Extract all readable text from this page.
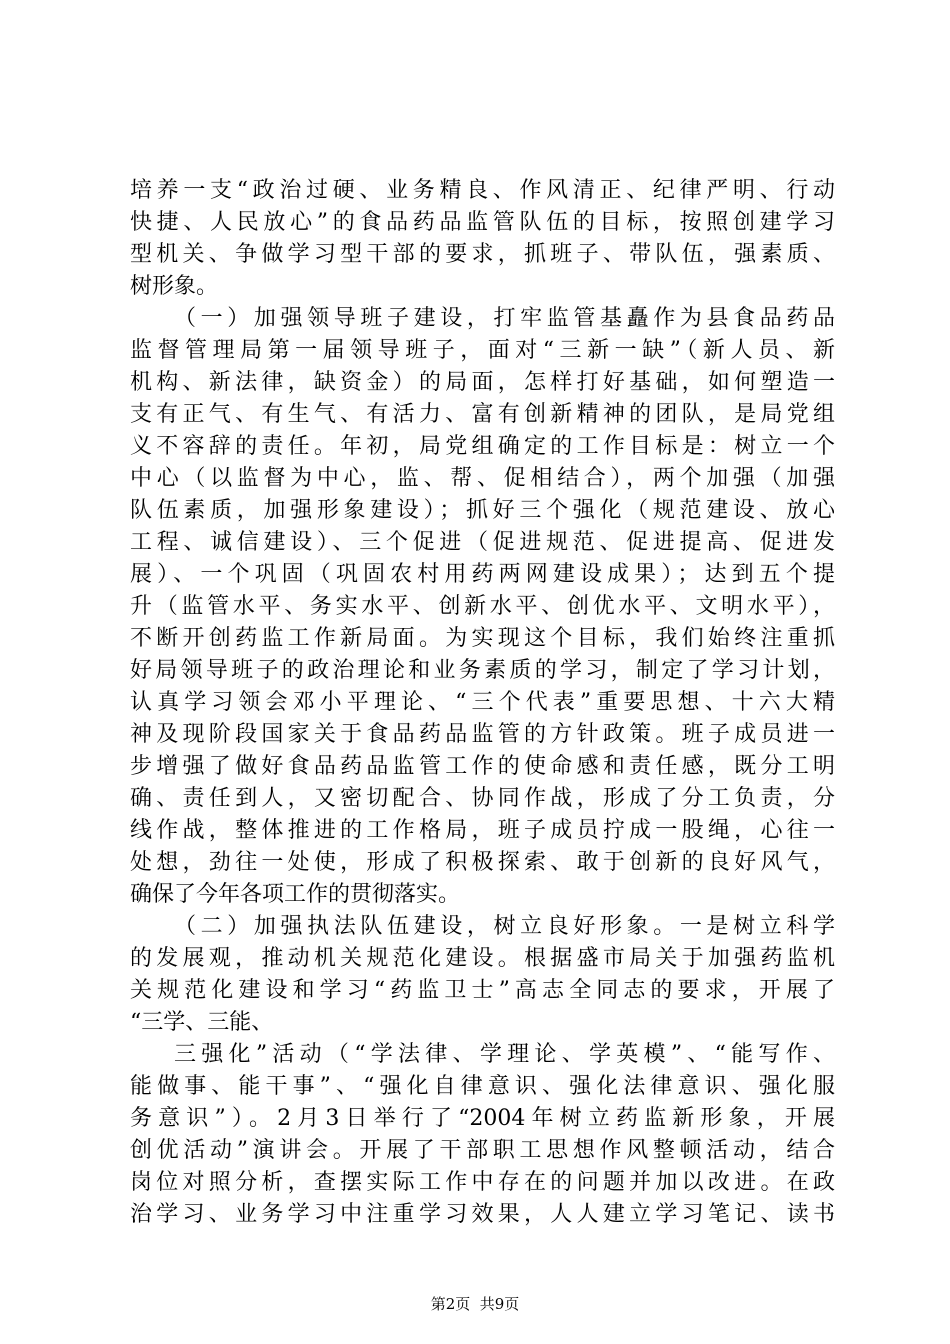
培养一支“政治过硬、业务精良、作风清正、纪律严明、行动
快捷、人民放心”的食品药品监管队伍的目标，按照创建学习
型机关、争做学习型干部的要求，抓班子、带队伍，强素质、
树形象。
（一）加强领导班子建设，打牢监管基矗作为县食品药品
监督管理局第一届领导班子，面对“三新一缺”（新人员、新
机构、新法律，缺资金）的局面，怎样打好基础，如何塑造一
支有正气、有生气、有活力、富有创新精神的团队，是局党组
义不容辞的责任。年初，局党组确定的工作目标是：树立一个
中心（以监督为中心，监、帮、促相结合），两个加强（加强
队伍素质，加强形象建设）；抓好三个强化（规范建设、放心
工程、诚信建设）、三个促进（促进规范、促进提高、促进发
展）、一个巩固（巩固农村用药两网建设成果）；达到五个提
升（监管水平、务实水平、创新水平、创优水平、文明水平），
不断开创药监工作新局面。为实现这个目标，我们始终注重抓
好局领导班子的政治理论和业务素质的学习，制定了学习计划，
认真学习领会邓小平理论、“三个代表”重要思想、十六大精
神及现阶段国家关于食品药品监管的方针政策。班子成员进一
步增强了做好食品药品监管工作的使命感和责任感，既分工明
确、责任到人，又密切配合、协同作战，形成了分工负责，分
线作战，整体推进的工作格局，班子成员拧成一股绳，心往一
处想，劲往一处使，形成了积极探索、敢于创新的良好风气，
确保了今年各项工作的贯彻落实。
（二）加强执法队伍建设，树立良好形象。一是树立科学
的发展观，推动机关规范化建设。根据盛市局关于加强药监机
关规范化建设和学习“药监卫士”高志全同志的要求，开展了
“三学、三能、
三强化”活动（“学法律、学理论、学英模”、“能写作、
能做事、能干事”、“强化自律意识、强化法律意识、强化服
务意识”）。2月3日举行了“2004年树立药监新形象，开展
创优活动”演讲会。开展了干部职工思想作风整顿活动，结合
岗位对照分析，查摆实际工作中存在的问题并加以改进。在政
治学习、业务学习中注重学习效果，人人建立学习笔记、读书
第2页  共9页
